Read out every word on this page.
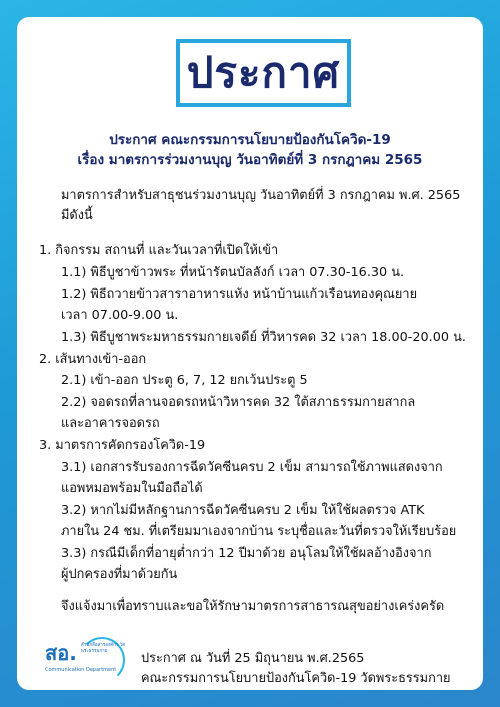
ประกาศ
ประกาศ คณะกรรมการนโยบายป้องกันโควิด-19
เรื่อง มาตรการร่วมงานบุญ วันอาทิตย์ที่ 3 กรกฎาคม 2565
มาตรการสำหรับสาธุชนร่วมงานบุญ วันอาทิตย์ที่ 3 กรกฎาคม พ.ศ. 2565
มีดังนี้
1. กิจกรรม สถานที่ และวันเวลาที่เปิดให้เข้า
1.1) พิธีบูชาข้าวพระ ที่หน้ารัตนบัลลังก์ เวลา 07.30-16.30 น.
1.2) พิธีถวายข้าวสาราอาหารแห้ง หน้าบ้านแก้วเรือนทองคุณยาย
เวลา 07.00-9.00 น.
1.3) พิธีบูชาพระมหาธรรมกายเจดีย์ ที่วิหารคด 32 เวลา 18.00-20.00 น.
2. เส้นทางเข้า-ออก
2.1) เข้า-ออก ประตู 6, 7, 12 ยกเว้นประตู 5
2.2) จอดรถที่ลานจอดรถหน้าวิหารคด 32 ใต้สภาธรรมกายสากล
และอาคารจอดรถ
3. มาตรการคัดกรองโควิด-19
3.1) เอกสารรับรองการฉีดวัคซีนครบ 2 เข็ม สามารถใช้ภาพแสดงจาก
แอพหมอพร้อมในมือถือได้
3.2) หากไม่มีหลักฐานการฉีดวัคซีนครบ 2 เข็ม ให้ใช้ผลตรวจ ATK
ภายใน 24 ชม. ที่เตรียมมาเองจากบ้าน ระบุชื่อและวันที่ตรวจให้เรียบร้อย
3.3) กรณีมีเด็กที่อายุต่ำกว่า 12 ปีมาด้วย อนุโลมให้ใช้ผลอ้างอิงจาก
ผู้ปกครองที่มาด้วยกัน
จึงแจ้งมาเพื่อทราบและขอให้รักษามาตรการสาธารณสุขอย่างเคร่งครัด
สอ. สำนักสื่อสารองค์กร วัดพระธรรมกาย
Communication Department
ประกาศ ณ วันที่ 25 มิถุนายน พ.ศ.2565
คณะกรรมการนโยบายป้องกันโควิด-19 วัดพระธรรมกาย
